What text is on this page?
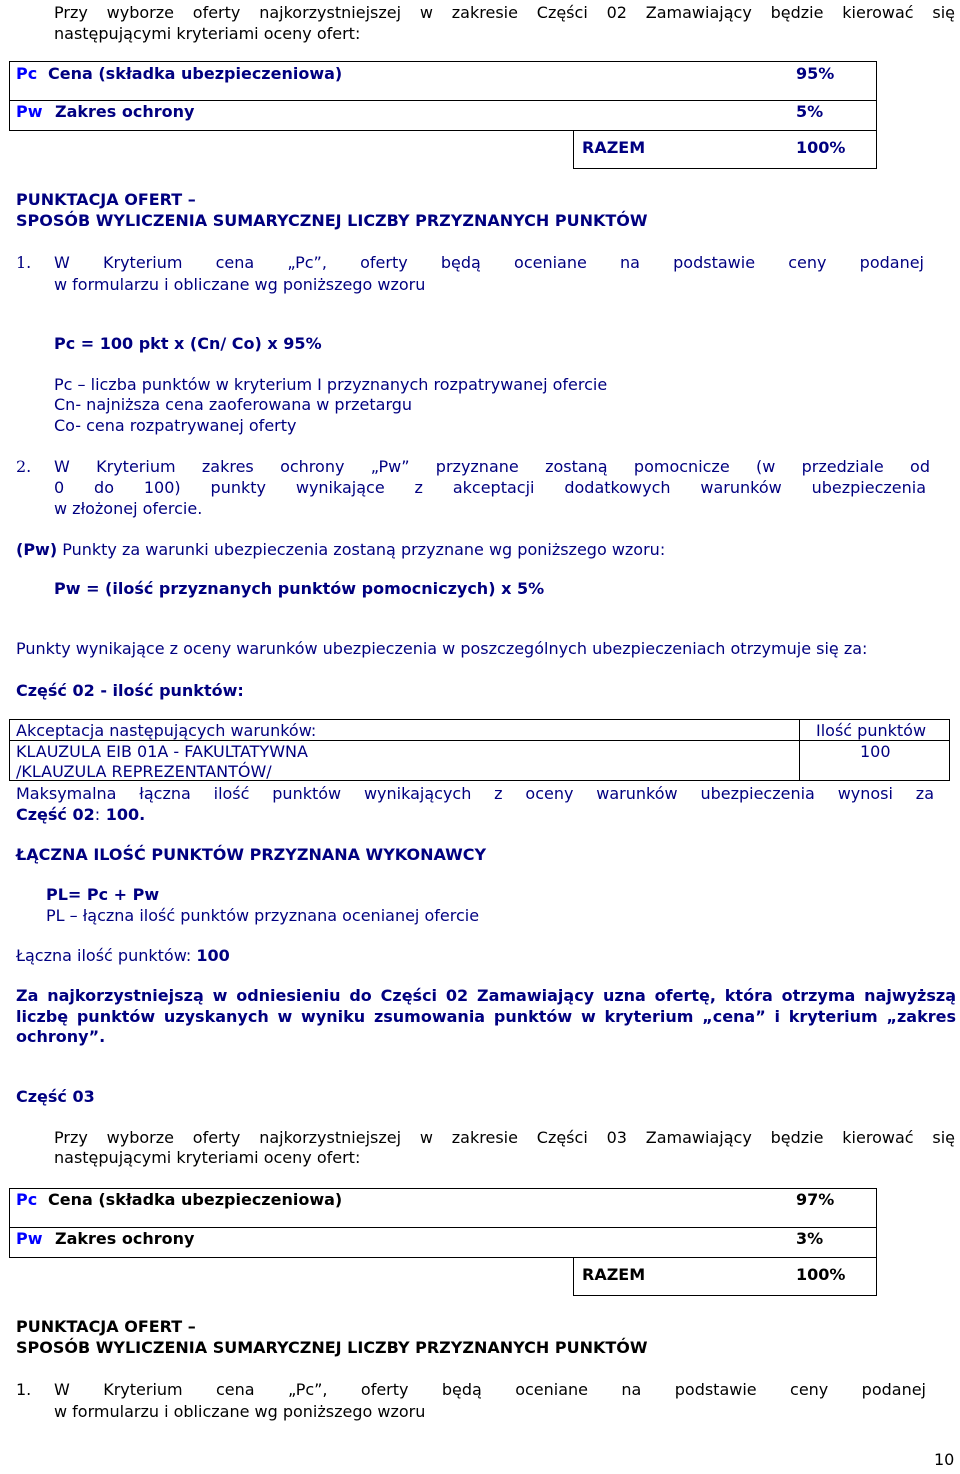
Przy wyborze oferty najkorzystniejszej w zakresie Części 02 Zamawiający będzie kierować się
następującymi kryteriami oceny ofert:
Pc Cena (składka ubezpieczeniowa)	95%
Pw Zakres ochrony	5%
RAZEM	100%
PUNKTACJA OFERT –
SPOSÓB WYLICZENIA SUMARYCZNEJ LICZBY PRZYZNANYCH PUNKTÓW
1. W Kryterium cena „Pc”, oferty będą oceniane na podstawie ceny podanej
w formularzu i obliczane wg poniższego wzoru
Pc = 100 pkt x (Cn/ Co) x 95%
Pc – liczba punktów w kryterium I przyznanych rozpatrywanej ofercie
Cn- najniższa cena zaoferowana w przetargu
Co- cena rozpatrywanej oferty
2. W Kryterium zakres ochrony „Pw” przyznane zostaną pomocnicze (w przedziale od
0 do 100) punkty wynikające z akceptacji dodatkowych warunków ubezpieczenia
w złożonej ofercie.
(Pw) Punkty za warunki ubezpieczenia zostaną przyznane wg poniższego wzoru:
Pw = (ilość przyznanych punktów pomocniczych) x 5%
Punkty wynikające z oceny warunków ubezpieczenia w poszczególnych ubezpieczeniach otrzymuje się za:
Część 02 - ilość punktów:
Akceptacja następujących warunków:	Ilość punktów
KLAUZULA EIB 01A - FAKULTATYWNA
/KLAUZULA REPREZENTANTÓW/
100
Maksymalna łączna ilość punktów wynikających z oceny warunków ubezpieczenia wynosi za
Część 02: 100.
ŁĄCZNA ILOŚĆ PUNKTÓW PRZYZNANA WYKONAWCY
PL= Pc + Pw
PL – łączna ilość punktów przyznana ocenianej ofercie
Łączna ilość punktów: 100
Za najkorzystniejszą w odniesieniu do Części 02 Zamawiający uzna ofertę, która otrzyma najwyższą
liczbę punktów uzyskanych w wyniku zsumowania punktów w kryterium „cena” i kryterium „zakres
ochrony”.
Część 03
Przy wyborze oferty najkorzystniejszej w zakresie Części 03 Zamawiający będzie kierować się
następującymi kryteriami oceny ofert:
Pc Cena (składka ubezpieczeniowa)	97%
Pw Zakres ochrony	3%
RAZEM	100%
PUNKTACJA OFERT –
SPOSÓB WYLICZENIA SUMARYCZNEJ LICZBY PRZYZNANYCH PUNKTÓW
1. W Kryterium cena „Pc”, oferty będą oceniane na podstawie ceny podanej
w formularzu i obliczane wg poniższego wzoru
10
